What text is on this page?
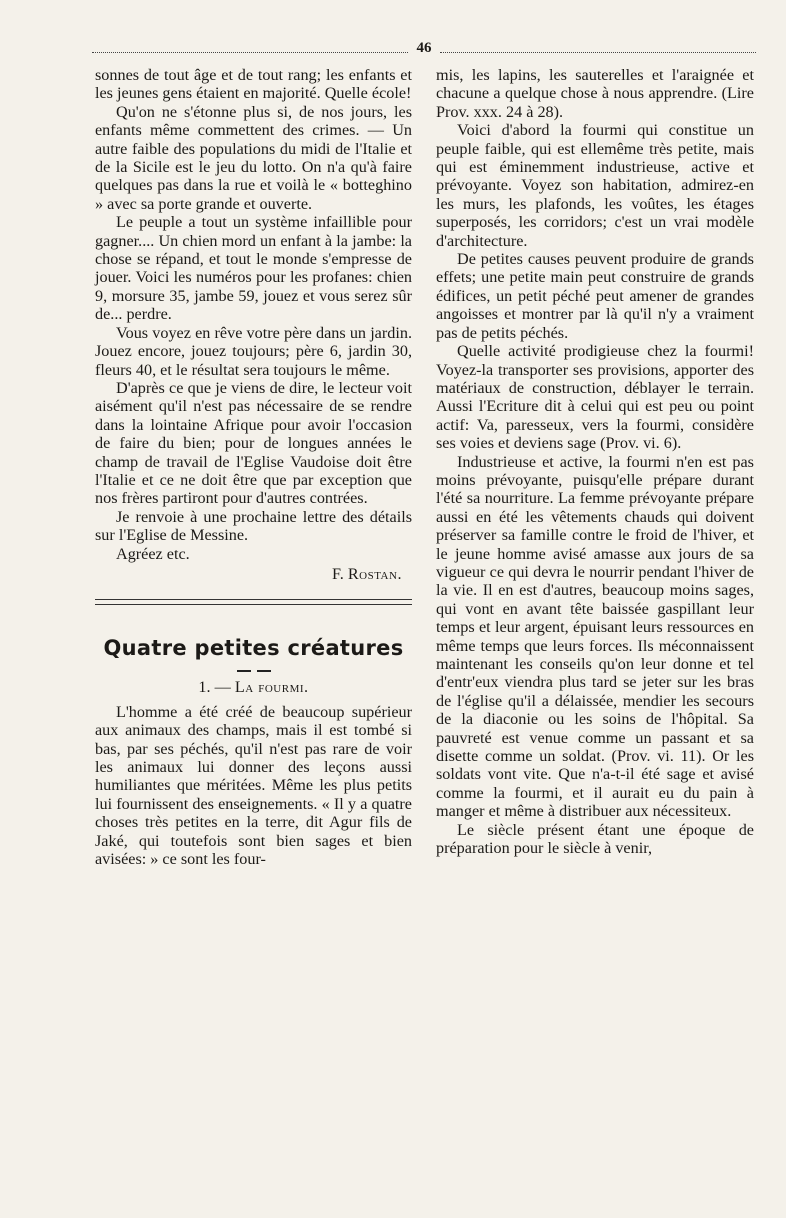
46

sonnes de tout âge et de tout rang; les enfants et les jeunes gens étaient en majorité. Quelle école!

Qu'on ne s'étonne plus si, de nos jours, les enfants même commettent des crimes. — Un autre faible des populations du midi de l'Italie et de la Sicile est le jeu du lotto. On n'a qu'à faire quelques pas dans la rue et voilà le « botteghino » avec sa porte grande et ouverte.

Le peuple a tout un système infaillible pour gagner.... Un chien mord un enfant à la jambe: la chose se répand, et tout le monde s'empresse de jouer. Voici les numéros pour les profanes: chien 9, morsure 35, jambe 59, jouez et vous serez sûr de... perdre.

Vous voyez en rêve votre père dans un jardin. Jouez encore, jouez toujours; père 6, jardin 30, fleurs 40, et le résultat sera toujours le même.

D'après ce que je viens de dire, le lecteur voit aisément qu'il n'est pas nécessaire de se rendre dans la lointaine Afrique pour avoir l'occasion de faire du bien; pour de longues années le champ de travail de l'Eglise Vaudoise doit être l'Italie et ce ne doit être que par exception que nos frères partiront pour d'autres contrées.

Je renvoie à une prochaine lettre des détails sur l'Eglise de Messine.

Agréez etc.

F. Rostan.
Quatre petites créatures
1. — La fourmi.

L'homme a été créé de beaucoup supérieur aux animaux des champs, mais il est tombé si bas, par ses péchés, qu'il n'est pas rare de voir les animaux lui donner des leçons aussi humiliantes que méritées. Même les plus petits lui fournissent des enseignements. « Il y a quatre choses très petites en la terre, dit Agur fils de Jaké, qui toutefois sont bien sages et bien avisées: » ce sont les four-

mis, les lapins, les sauterelles et l'araignée et chacune a quelque chose à nous apprendre. (Lire Prov. xxx. 24 à 28).

Voici d'abord la fourmi qui constitue un peuple faible, qui est ellemême très petite, mais qui est éminemment industrieuse, active et prévoyante. Voyez son habitation, admirez-en les murs, les plafonds, les voûtes, les étages superposés, les corridors; c'est un vrai modèle d'architecture.

De petites causes peuvent produire de grands effets; une petite main peut construire de grands édifices, un petit péché peut amener de grandes angoisses et montrer par là qu'il n'y a vraiment pas de petits péchés.

Quelle activité prodigieuse chez la fourmi! Voyez-la transporter ses provisions, apporter des matériaux de construction, déblayer le terrain. Aussi l'Ecriture dit à celui qui est peu ou point actif: Va, paresseux, vers la fourmi, considère ses voies et deviens sage (Prov. vi. 6).

Industrieuse et active, la fourmi n'en est pas moins prévoyante, puisqu'elle prépare durant l'été sa nourriture. La femme prévoyante prépare aussi en été les vêtements chauds qui doivent préserver sa famille contre le froid de l'hiver, et le jeune homme avisé amasse aux jours de sa vigueur ce qui devra le nourrir pendant l'hiver de la vie. Il en est d'autres, beaucoup moins sages, qui vont en avant tête baissée gaspillant leur temps et leur argent, épuisant leurs ressources en même temps que leurs forces. Ils méconnaissent maintenant les conseils qu'on leur donne et tel d'entr'eux viendra plus tard se jeter sur les bras de l'église qu'il a délaissée, mendier les secours de la diaconie ou les soins de l'hôpital. Sa pauvreté est venue comme un passant et sa disette comme un soldat. (Prov. vi. 11). Or les soldats vont vite. Que n'a-t-il été sage et avisé comme la fourmi, et il aurait eu du pain à manger et même à distribuer aux nécessiteux.

Le siècle présent étant une époque de préparation pour le siècle à venir,
